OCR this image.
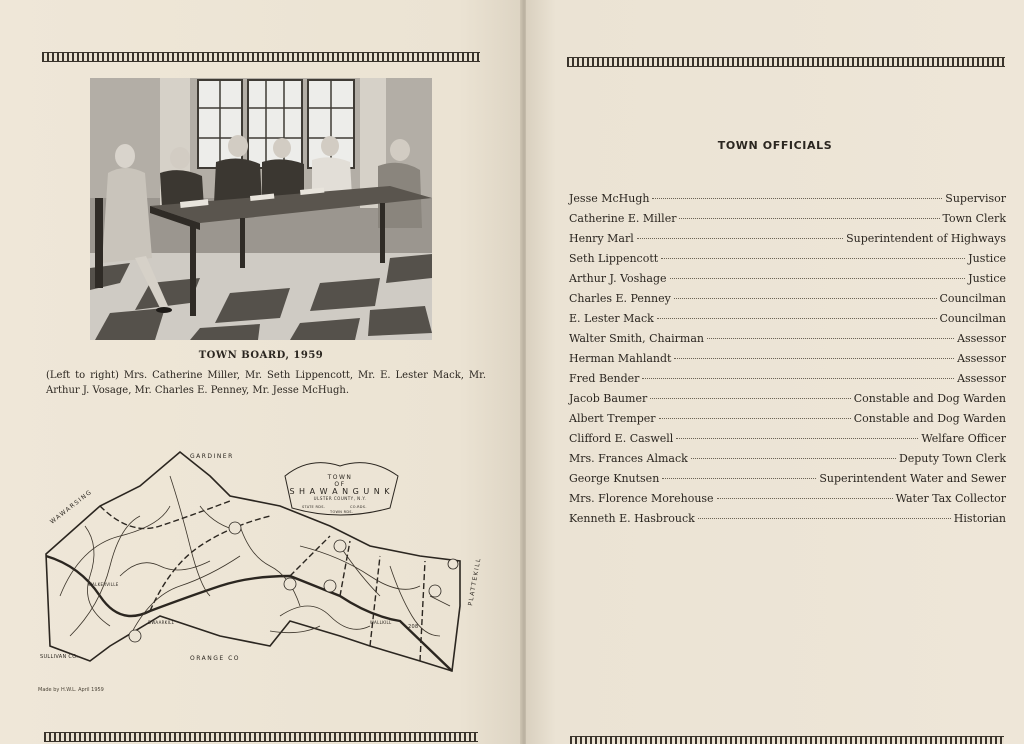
TOWN BOARD, 1959
(Left to right) Mrs. Catherine Miller, Mr. Seth Lippencott, Mr. E. Lester Mack, Mr. Arthur J. Vosage, Mr. Charles E. Penney, Mr. Jesse McHugh.
TOWN
OF
S H A W A N G U N K
ULSTER COUNTY, N.Y.
STATE RDS.	CO.RDS.
TOWN RDS.
GARDINER
WAWARSING
PLATTEKILL
ORANGE CO
SULLIVAN CO.
WALKERVILLE
DWAARKILL	WALLKILL
208
Made by H.W.L. April 1959
TOWN OFFICIALS
Jesse McHugh	Supervisor
Catherine E. Miller	Town Clerk
Henry Marl	Superintendent of Highways
Seth Lippencott	Justice
Arthur J. Voshage	Justice
Charles E. Penney	Councilman
E. Lester Mack	Councilman
Walter Smith, Chairman	Assessor
Herman Mahlandt	Assessor
Fred Bender	Assessor
Jacob Baumer	Constable and Dog Warden
Albert Tremper	Constable and Dog Warden
Clifford E. Caswell	Welfare Officer
Mrs. Frances Almack	Deputy Town Clerk
George Knutsen	Superintendent Water and Sewer
Mrs. Florence Morehouse	Water Tax Collector
Kenneth E. Hasbrouck	Historian
